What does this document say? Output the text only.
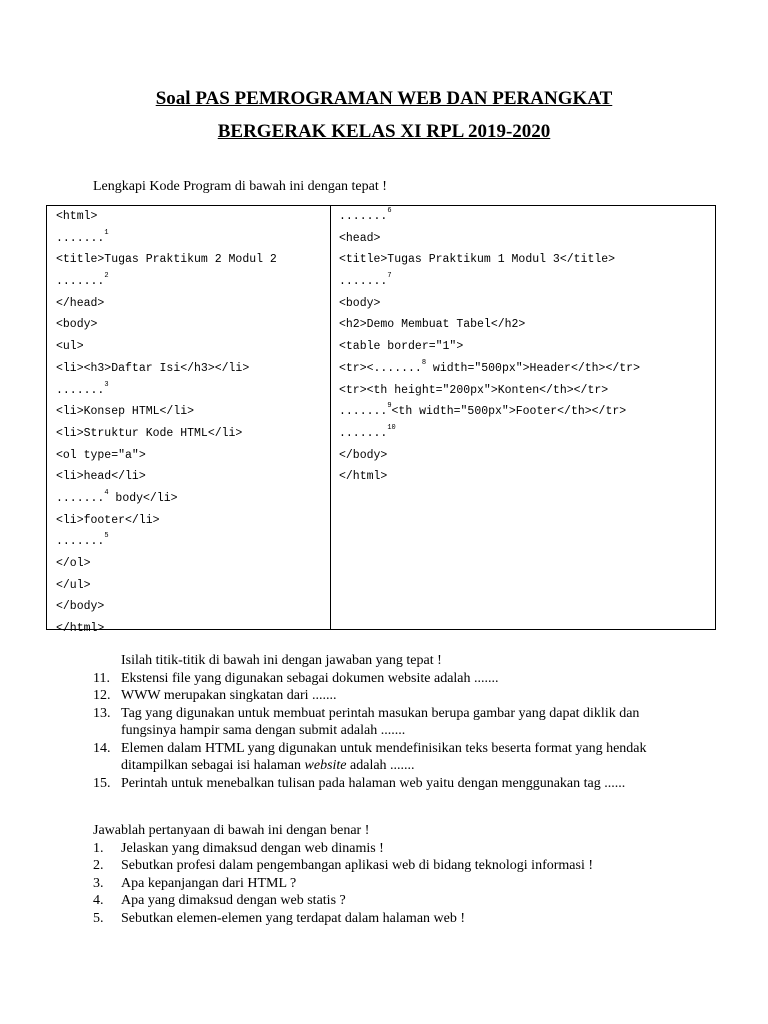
Soal PAS PEMROGRAMAN WEB DAN PERANGKAT
BERGERAK KELAS XI RPL 2019-2020
Lengkapi Kode Program di bawah ini dengan tepat !
<html>
.......$^1$
<title>Tugas Praktikum 2 Modul 2
.......$^2$
</head>
<body>
<ul>
<li><h3>Daftar Isi</h3></li>
.......$^3$
<li>Konsep HTML</li>
<li>Struktur Kode HTML</li>
<ol type="a">
<li>head</li>
.......$^4$ body</li>
<li>footer</li>
.......$^5$
</ol>
</ul>
</body>
</html>
.......$^6$
<head>
<title>Tugas Praktikum 1 Modul 3</title>
.......$^7$
<body>
<h2>Demo Membuat Tabel</h2>
<table border="1">
<tr><.......$^8$ width="500px">Header</th></tr>
<tr><th height="200px">Konten</th></tr>
.......$^9$<th width="500px">Footer</th></tr>
.......$^{10}$
</body>
</html>
Isilah titik-titik di bawah ini dengan jawaban yang tepat !
11. Ekstensi file yang digunakan sebagai dokumen website adalah .......
12. WWW merupakan singkatan dari .......
13. Tag yang digunakan untuk membuat perintah masukan berupa gambar yang dapat diklik dan fungsinya hampir sama dengan submit adalah .......
14. Elemen dalam HTML yang digunakan untuk mendefinisikan teks beserta format yang hendak ditampilkan sebagai isi halaman website adalah .......
15. Perintah untuk menebalkan tulisan pada halaman web yaitu dengan menggunakan tag ......
Jawablah pertanyaan di bawah ini dengan benar !
1. Jelaskan yang dimaksud dengan web dinamis !
2. Sebutkan profesi dalam pengembangan aplikasi web di bidang teknologi informasi !
3. Apa kepanjangan dari HTML ?
4. Apa yang dimaksud dengan web statis ?
5. Sebutkan elemen-elemen yang terdapat dalam halaman web !
